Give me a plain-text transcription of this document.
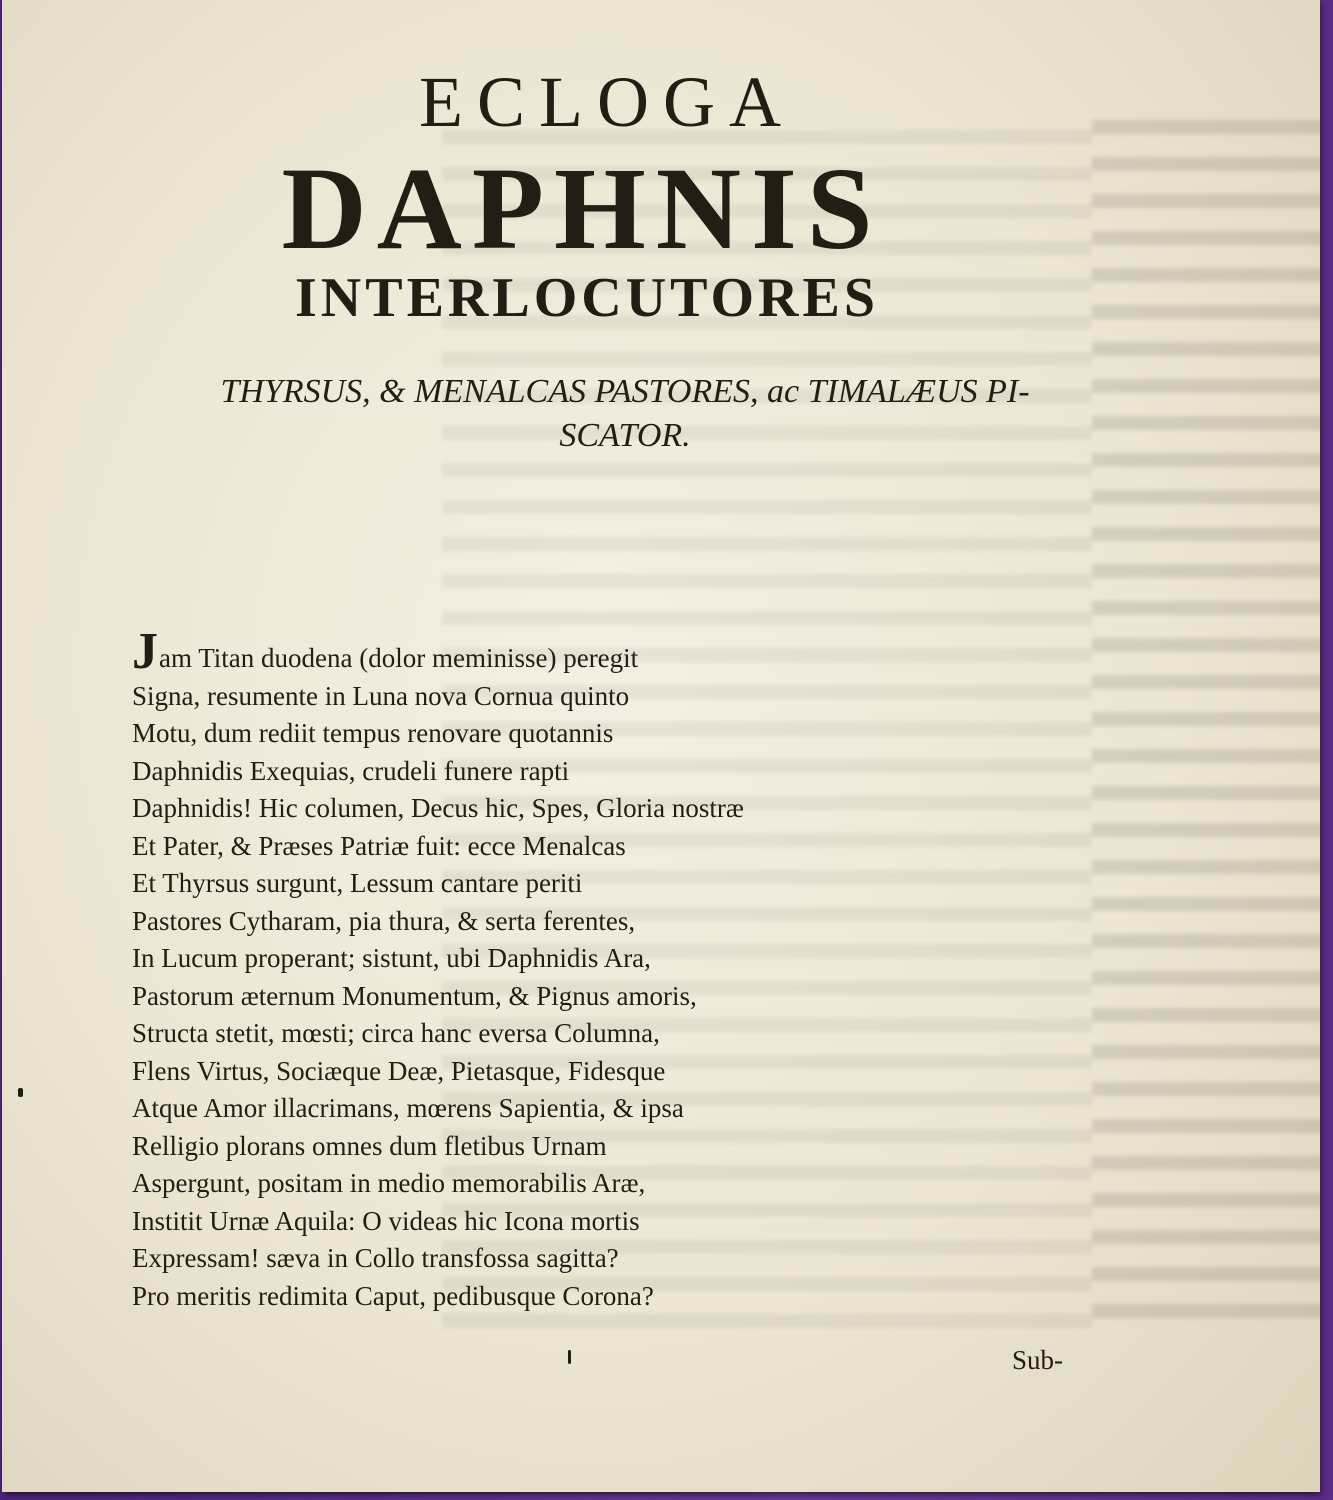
ECLOGA
DAPHNIS
INTERLOCUTORES
THYRSUS, & MENALCAS PASTORES, ac TIMALÆUS PI-
SCATOR.
Jam Titan duodena (dolor meminisse) peregit
Signa, resumente in Luna nova Cornua quinto
Motu, dum rediit tempus renovare quotannis
Daphnidis Exequias, crudeli funere rapti
Daphnidis! Hic columen, Decus hic, Spes, Gloria nostræ
Et Pater, & Præses Patriæ fuit: ecce Menalcas
Et Thyrsus surgunt, Lessum cantare periti
Pastores Cytharam, pia thura, & serta ferentes,
In Lucum properant; sistunt, ubi Daphnidis Ara,
Pastorum æternum Monumentum, & Pignus amoris,
Structa stetit, mœsti; circa hanc eversa Columna,
Flens Virtus, Sociæque Deæ, Pietasque, Fidesque
Atque Amor illacrimans, mœrens Sapientia, & ipsa
Relligio plorans omnes dum fletibus Urnam
Aspergunt, positam in medio memorabilis Aræ,
Institit Urnæ Aquila: O videas hic Icona mortis
Expressam! sæva in Collo transfossa sagitta?
Pro meritis redimita Caput, pedibusque Corona?
Sub-
